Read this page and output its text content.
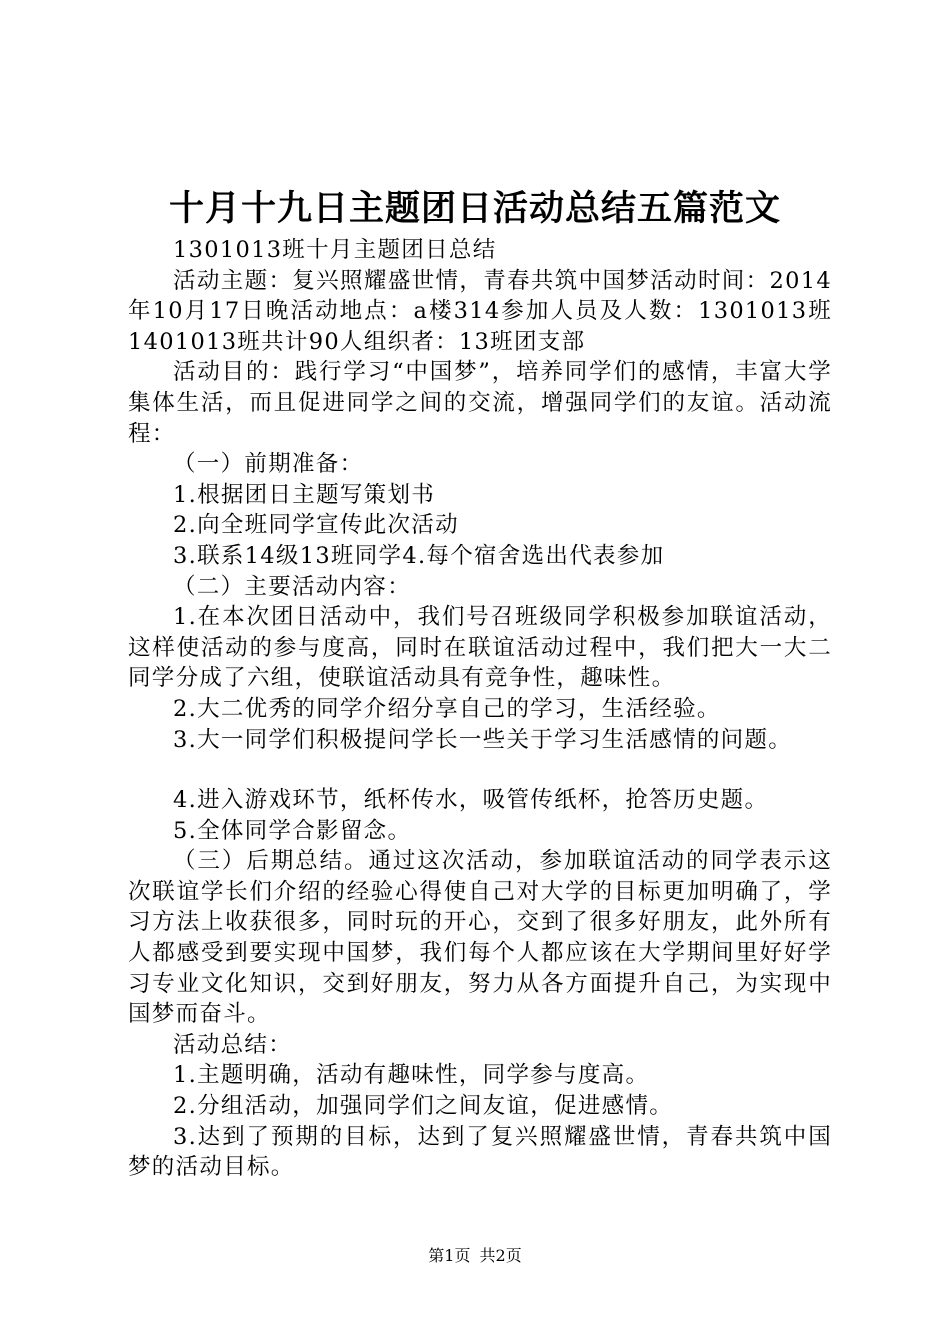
十月十九日主题团日活动总结五篇范文

1301013班十月主题团日总结

活动主题：复兴照耀盛世情，青春共筑中国梦活动时间：2014年10月17日晚活动地点：a楼314参加人员及人数：1301013班1401013班共计90人组织者：13班团支部

活动目的：践行学习“中国梦”，培养同学们的感情，丰富大学集体生活，而且促进同学之间的交流，增强同学们的友谊。活动流程：

（一）前期准备：

1.根据团日主题写策划书

2.向全班同学宣传此次活动

3.联系14级13班同学4.每个宿舍选出代表参加

（二）主要活动内容：

1.在本次团日活动中，我们号召班级同学积极参加联谊活动，这样使活动的参与度高，同时在联谊活动过程中，我们把大一大二同学分成了六组，使联谊活动具有竞争性，趣味性。

2.大二优秀的同学介绍分享自己的学习，生活经验。

3.大一同学们积极提问学长一些关于学习生活感情的问题。

4.进入游戏环节，纸杯传水，吸管传纸杯，抢答历史题。

5.全体同学合影留念。

（三）后期总结。通过这次活动，参加联谊活动的同学表示这次联谊学长们介绍的经验心得使自己对大学的目标更加明确了，学习方法上收获很多，同时玩的开心，交到了很多好朋友，此外所有人都感受到要实现中国梦，我们每个人都应该在大学期间里好好学习专业文化知识，交到好朋友，努力从各方面提升自己，为实现中国梦而奋斗。

活动总结：

1.主题明确，活动有趣味性，同学参与度高。

2.分组活动，加强同学们之间友谊，促进感情。

3.达到了预期的目标，达到了复兴照耀盛世情，青春共筑中国梦的活动目标。

第1页 共2页
